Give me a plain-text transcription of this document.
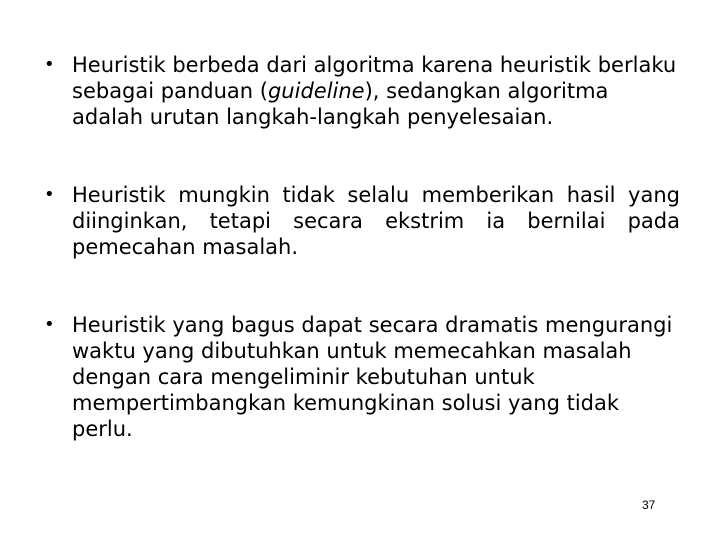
• Heuristik berbeda dari algoritma karena heuristik berlaku sebagai panduan (guideline), sedangkan algoritma adalah urutan langkah-langkah penyelesaian.
• Heuristik mungkin tidak selalu memberikan hasil yang diinginkan, tetapi secara ekstrim ia bernilai pada pemecahan masalah.
• Heuristik yang bagus dapat secara dramatis mengurangi waktu yang dibutuhkan untuk memecahkan masalah dengan cara mengeliminir kebutuhan untuk mempertimbangkan kemungkinan solusi yang tidak perlu.
37
